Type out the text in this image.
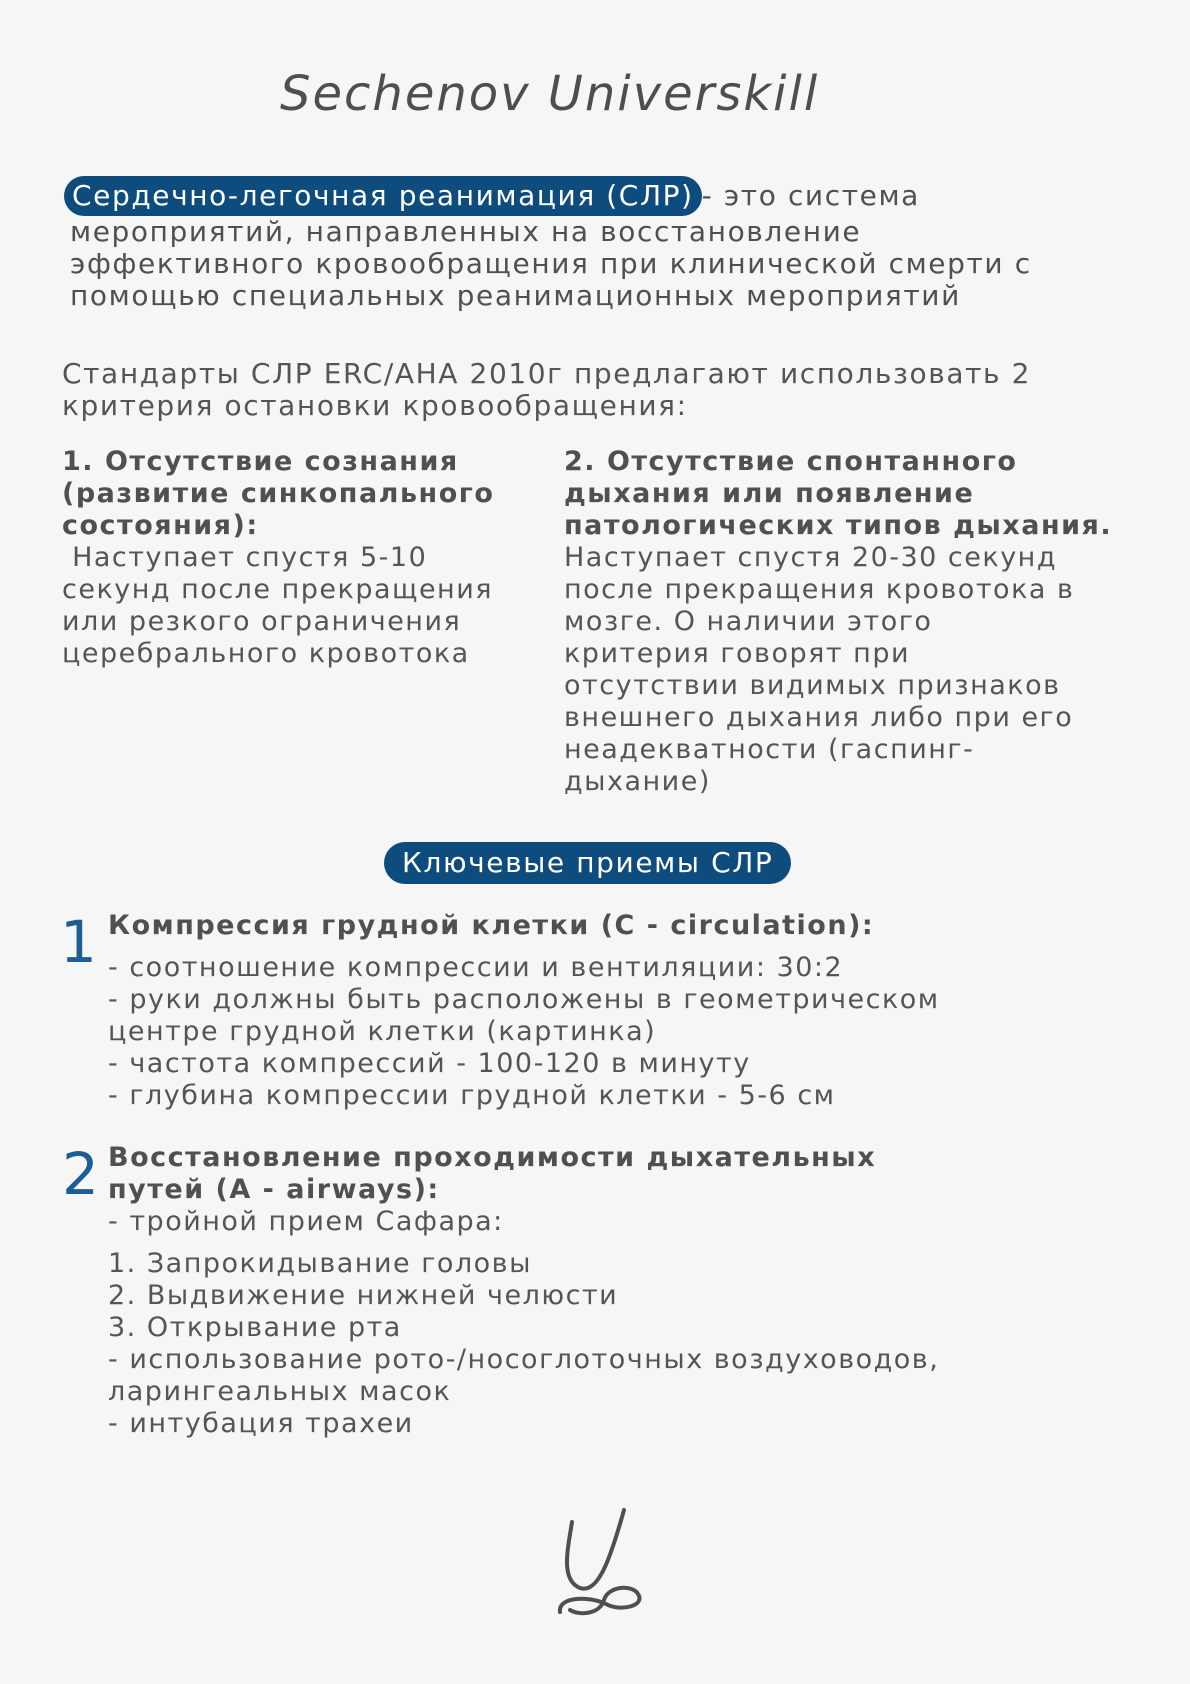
Sechenov Universkill
Сердечно-легочная реанимация (СЛР) - это система
мероприятий, направленных на восстановление
эффективного кровообращения при клинической смерти с
помощью специальных реанимационных мероприятий
Стандарты СЛР ERC/AHA 2010г предлагают использовать 2
критерия остановки кровообращения:
1. Отсутствие сознания
(развитие синкопального
состояния):
Наступает спустя 5-10
секунд после прекращения
или резкого ограничения
церебрального кровотока
2. Отсутствие спонтанного
дыхания или появление
патологических типов дыхания.
Наступает спустя 20-30 секунд
после прекращения кровотока в
мозге. О наличии этого
критерия говорят при
отсутствии видимых признаков
внешнего дыхания либо при его
неадекватности (гаспинг-
дыхание)
Ключевые приемы СЛР
1 Компрессия грудной клетки (C - circulation):
- соотношение компрессии и вентиляции: 30:2
- руки должны быть расположены в геометрическом
центре грудной клетки (картинка)
- частота компрессий - 100-120 в минуту
- глубина компрессии грудной клетки - 5-6 см
2 Восстановление проходимости дыхательных
путей (A - airways):
- тройной прием Сафара:
1. Запрокидывание головы
2. Выдвижение нижней челюсти
3. Открывание рта
- использование рото-/носоглоточных воздуховодов,
ларингеальных масок
- интубация трахеи
